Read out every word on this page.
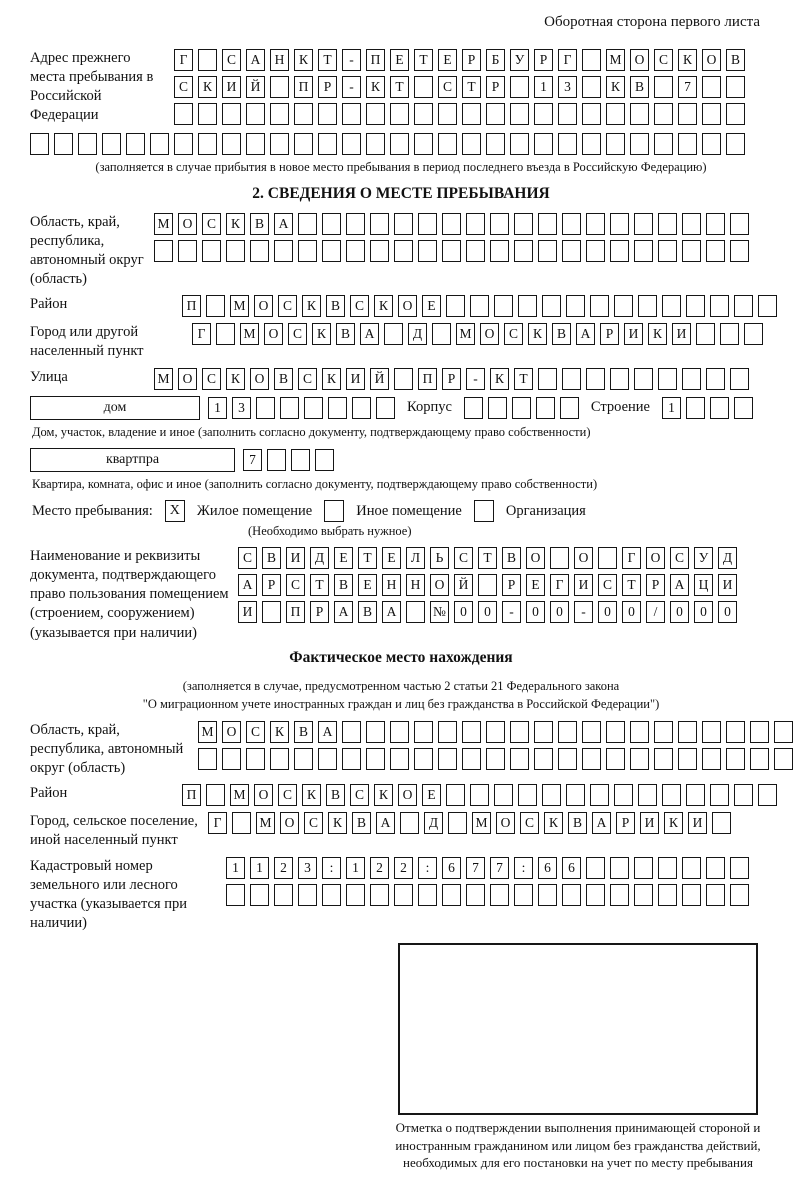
Оборотная сторона первого листа
Адрес прежнего места пребывания в Российской Федерации
Г	С	А	Н	К	Т	-	П	Е	Т	Е	Р	Б	У	Р	Г	М О	С	К	О	В
С	К	И	Й	П	Р	-	К	Т	С	Т	Р	1	3	К	В	7
(заполняется в случае прибытия в новое место пребывания в период последнего въезда в Российскую Федерацию)
2. СВЕДЕНИЯ О МЕСТЕ ПРЕБЫВАНИЯ
Область, край, республика, автономный округ (область)
М О	С	К	В	А
Район	П	М О	С	К	В	С	К	О	Е
Город или другой населенный пункт
Г	М О	С	К	В	А	Д	М О	С	К	В	А	Р	И	К	И
Улица	М О	С	К	О	В	С	К	И	Й	П	Р	-	К	Т
дом	1	3	Корпус	Строение	1
Дом, участок, владение и иное (заполнить согласно документу, подтверждающему право собственности)
квартпра	7
Квартира, комната, офис и иное (заполнить согласно документу, подтверждающему право собственности)
Место пребывания:	X	Жилое помещение	Иное помещение	Организация
(Необходимо выбрать нужное)
Наименование и реквизиты документа, подтверждающего право пользования помещением (строением, сооружением) (указывается при наличии)
С	В	И	Д	Е	Т	Е	Л	Ь	С	Т	В	О	О	Г	О	С	У	Д
А	Р	С	Т	В	Е	Н	Н	О	Й	Р	Е	Г	И	С	Т	Р	А	Ц	И
И	П	Р	А	В	А	№	0	0	-	0	0	-	0	0	/	0	0	0
Фактическое место нахождения
(заполняется в случае, предусмотренном частью 2 статьи 21 Федерального закона
"О миграционном учете иностранных граждан и лиц без гражданства в Российской Федерации")
Область, край, республика, автономный округ (область)
М О	С	К	В	А
Район	П	М О	С	К	В	С	К	О	Е
Город, сельское поселение, иной населенный пункт
Г	М О	С	К	В	А	Д	М О	С	К	В	А	Р	И	К	И
Кадастровый номер земельного или лесного участка (указывается при наличии)
1	1	2	3	:	1	2	2	:	6	7	7	:	6	6
Отметка о подтверждении выполнения принимающей стороной и иностранным гражданином или лицом без гражданства действий, необходимых для его постановки на учет по месту пребывания
